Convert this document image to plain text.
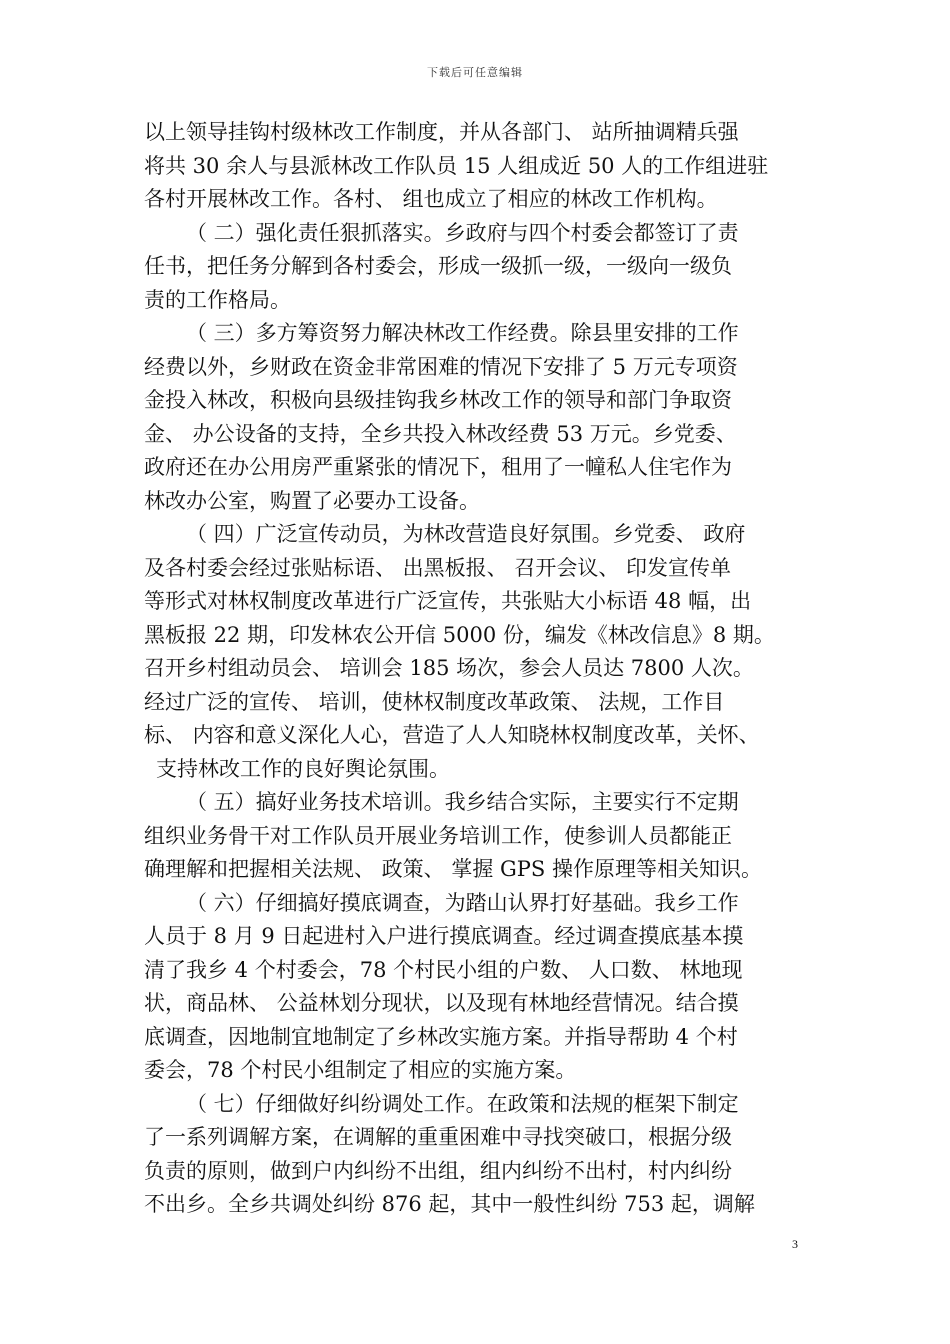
下载后可任意编辑
以上领导挂钩村级林改工作制度，并从各部门、 站所抽调精兵强
将共 30 余人与县派林改工作队员 15 人组成近 50 人的工作组进驻
各村开展林改工作。各村、 组也成立了相应的林改工作机构。
（ 二）强化责任狠抓落实。乡政府与四个村委会都签订了责
任书，把任务分解到各村委会，形成一级抓一级，一级向一级负
责的工作格局。
（ 三）多方筹资努力解决林改工作经费。除县里安排的工作
经费以外，乡财政在资金非常困难的情况下安排了 5 万元专项资
金投入林改，积极向县级挂钩我乡林改工作的领导和部门争取资
金、 办公设备的支持，全乡共投入林改经费 53 万元。乡党委、
政府还在办公用房严重紧张的情况下，租用了一幢私人住宅作为
林改办公室，购置了必要办工设备。
（ 四）广泛宣传动员，为林改营造良好氛围。乡党委、 政府
及各村委会经过张贴标语、 出黑板报、 召开会议、 印发宣传单
等形式对林权制度改革进行广泛宣传，共张贴大小标语 48 幅，出
黑板报 22 期，印发林农公开信 5000 份，编发《林改信息》8 期。
召开乡村组动员会、 培训会 185 场次，参会人员达 7800 人次。
经过广泛的宣传、 培训，使林权制度改革政策、 法规，工作目
标、 内容和意义深化人心，营造了人人知晓林权制度改革，关怀、
支持林改工作的良好舆论氛围。
（ 五）搞好业务技术培训。我乡结合实际，主要实行不定期
组织业务骨干对工作队员开展业务培训工作，使参训人员都能正
确理解和把握相关法规、 政策、 掌握 GPS 操作原理等相关知识。
（ 六）仔细搞好摸底调查，为踏山认界打好基础。我乡工作
人员于 8 月 9 日起进村入户进行摸底调查。经过调查摸底基本摸
清了我乡 4 个村委会，78 个村民小组的户数、 人口数、 林地现
状，商品林、 公益林划分现状，以及现有林地经营情况。结合摸
底调查，因地制宜地制定了乡林改实施方案。并指导帮助 4 个村
委会，78 个村民小组制定了相应的实施方案。
（ 七）仔细做好纠纷调处工作。在政策和法规的框架下制定
了一系列调解方案，在调解的重重困难中寻找突破口，根据分级
负责的原则，做到户内纠纷不出组，组内纠纷不出村，村内纠纷
不出乡。全乡共调处纠纷 876 起，其中一般性纠纷 753 起，调解
3
